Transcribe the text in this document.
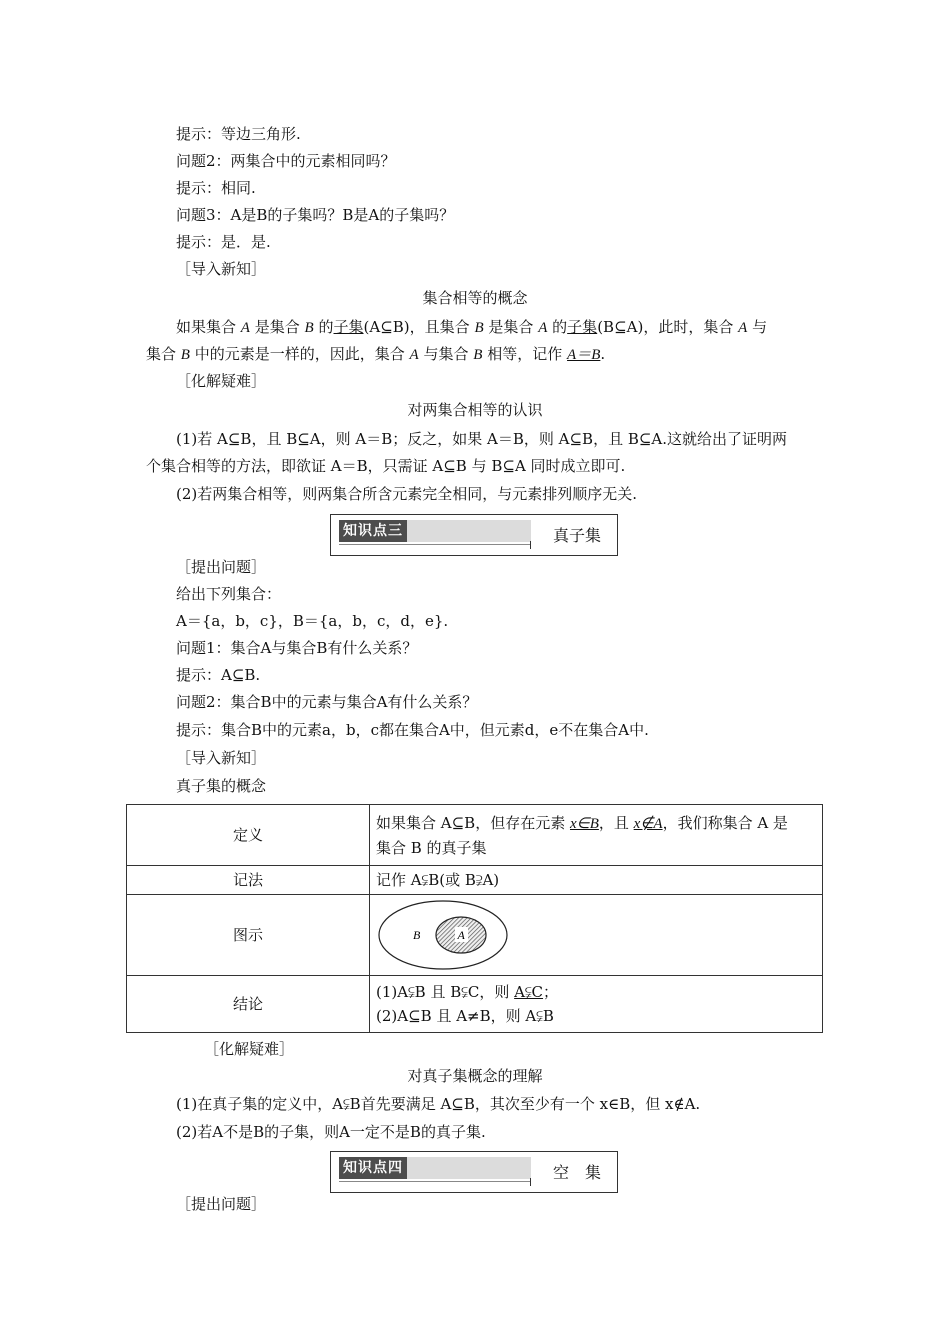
提示：等边三角形.
问题2：两集合中的元素相同吗？
提示：相同.
问题3：A是B的子集吗？B是A的子集吗？
提示：是．是.
［导入新知］
集合相等的概念
如果集合 A 是集合 B 的子集(A⊆B)，且集合 B 是集合 A 的子集(B⊆A)，此时，集合 A 与
集合 B 中的元素是一样的，因此，集合 A 与集合 B 相等，记作 A＝B.
［化解疑难］
对两集合相等的认识
(1)若 A⊆B，且 B⊆A，则 A＝B；反之，如果 A＝B，则 A⊆B，且 B⊆A.这就给出了证明两
个集合相等的方法，即欲证 A＝B，只需证 A⊆B 与 B⊆A 同时成立即可.
(2)若两集合相等，则两集合所含元素完全相同，与元素排列顺序无关.
知识点三	真子集
［提出问题］
给出下列集合：
A＝{a，b，c}，B＝{a，b，c，d，e}.
问题1：集合A与集合B有什么关系？
提示：A⊆B.
问题2：集合B中的元素与集合A有什么关系？
提示：集合B中的元素a，b，c都在集合A中，但元素d，e不在集合A中.
［导入新知］
真子集的概念
定义	如果集合 A⊆B，但存在元素 x∈B，且 x∉A，我们称集合 A 是
集合 B 的真子集

记法	记作 A⫋B(或 B⫌A)
图示	B A

结论	(1)A⫋B 且 B⫋C，则 A⫋C；
(2)A⊆B 且 A≠B，则 A⫋B
［化解疑难］
对真子集概念的理解
(1)在真子集的定义中，A⫋B首先要满足 A⊆B，其次至少有一个 x∈B，但 x∉A.
(2)若A不是B的子集，则A一定不是B的真子集.
知识点四	空　集
［提出问题］
